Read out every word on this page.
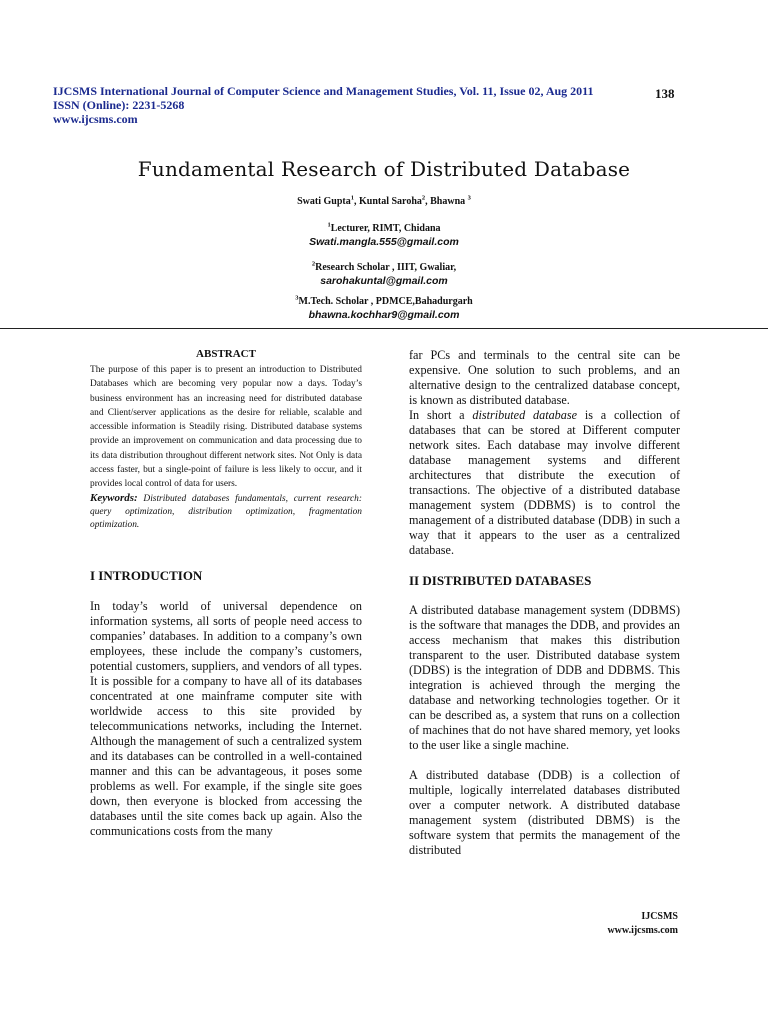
IJCSMS International Journal of Computer Science and Management Studies, Vol. 11, Issue 02, Aug 2011
ISSN (Online): 2231-5268
www.ijcsms.com
138
Fundamental Research of Distributed Database
Swati Gupta$^1$, Kuntal Saroha$^2$, Bhawna $^3$
$^1$Lecturer, RIMT, Chidana
Swati.mangla.555@gmail.com
$^2$Research Scholar , IIIT, Gwaliar,
sarohakuntal@gmail.com
$^3$M.Tech. Scholar , PDMCE,Bahadurgarh
bhawna.kochhar9@gmail.com

ABSTRACT

The purpose of this paper is to present an introduction to Distributed Databases which are becoming very popular now a days. Today’s business environment has an increasing need for distributed database and Client/server applications as the desire for reliable, scalable and accessible information is Steadily rising. Distributed database systems provide an improvement on communication and data processing due to its data distribution throughout different network sites. Not Only is data access faster, but a single-point of failure is less likely to occur, and it provides local control of data for users.

Keywords: Distributed databases fundamentals, current research: query optimization, distribution optimization, fragmentation optimization.

I INTRODUCTION

In today’s world of universal dependence on information systems, all sorts of people need access to companies’ databases. In addition to a company’s own employees, these include the company’s customers, potential customers, suppliers, and vendors of all types. It is possible for a company to have all of its databases concentrated at one mainframe computer site with worldwide access to this site provided by telecommunications networks, including the Internet. Although the management of such a centralized system and its databases can be controlled in a well-contained manner and this can be advantageous, it poses some problems as well. For example, if the single site goes down, then everyone is blocked from accessing the databases until the site comes back up again. Also the communications costs from the many

far PCs and terminals to the central site can be expensive. One solution to such problems, and an alternative design to the centralized database concept, is known as distributed database.

In short a distributed database is a collection of databases that can be stored at Different computer network sites. Each database may involve different database management systems and different architectures that distribute the execution of transactions. The objective of a distributed database management system (DDBMS) is to control the management of a distributed database (DDB) in such a way that it appears to the user as a centralized database.

II DISTRIBUTED DATABASES

A distributed database management system (DDBMS) is the software that manages the DDB, and provides an access mechanism that makes this distribution transparent to the user. Distributed database system (DDBS) is the integration of DDB and DDBMS. This integration is achieved through the merging the database and networking technologies together. Or it can be described as, a system that runs on a collection of machines that do not have shared memory, yet looks to the user like a single machine.

A distributed database (DDB) is a collection of multiple, logically interrelated databases distributed over a computer network. A distributed database management system (distributed DBMS) is the software system that permits the management of the distributed

IJCSMS
www.ijcsms.com
